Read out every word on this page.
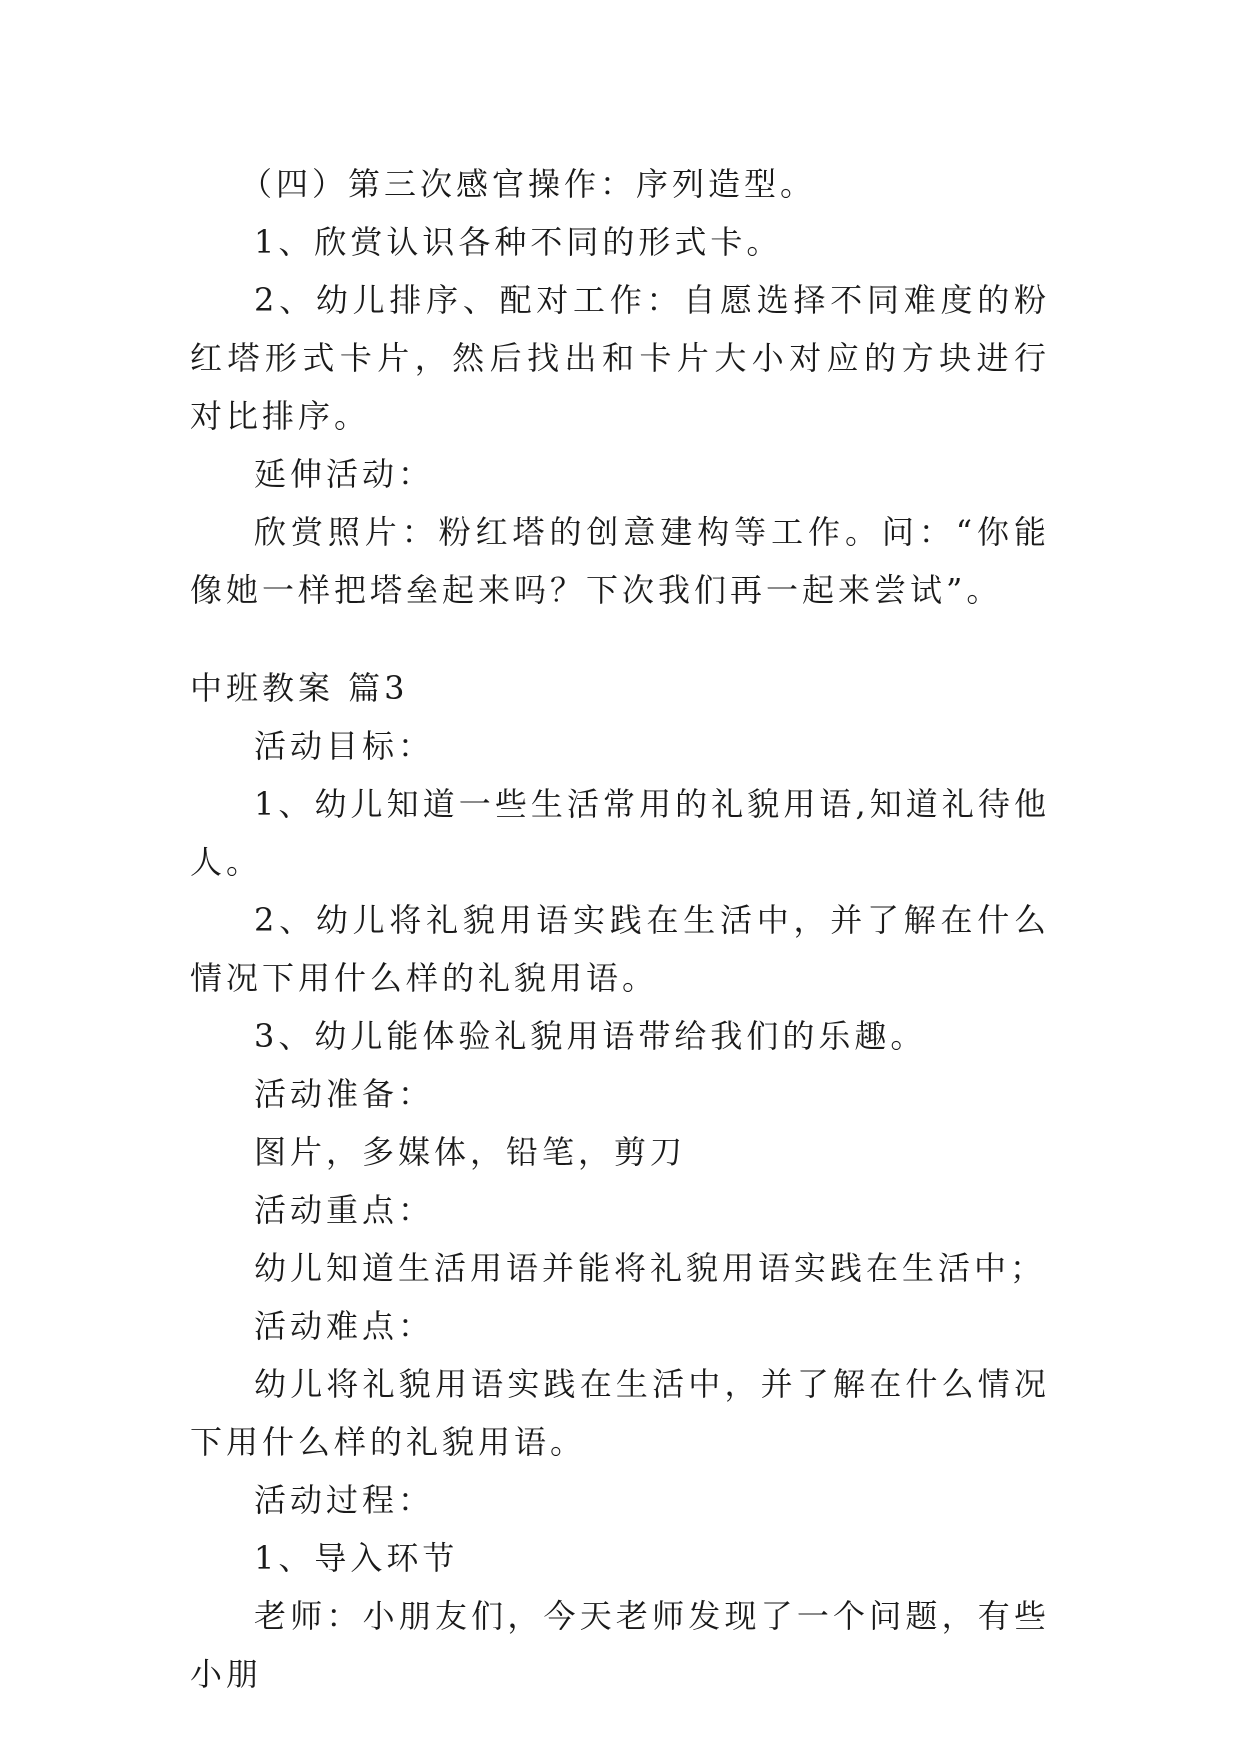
（四）第三次感官操作：序列造型。

1、欣赏认识各种不同的形式卡。

2、幼儿排序、配对工作：自愿选择不同难度的粉红塔形式卡片，然后找出和卡片大小对应的方块进行对比排序。

延伸活动：

欣赏照片：粉红塔的创意建构等工作。问：“你能像她一样把塔垒起来吗？下次我们再一起来尝试”。

中班教案 篇3

活动目标：

1、幼儿知道一些生活常用的礼貌用语,知道礼待他人。

2、幼儿将礼貌用语实践在生活中，并了解在什么情况下用什么样的礼貌用语。

3、幼儿能体验礼貌用语带给我们的乐趣。

活动准备：

图片，多媒体，铅笔，剪刀

活动重点：

幼儿知道生活用语并能将礼貌用语实践在生活中；

活动难点：

幼儿将礼貌用语实践在生活中，并了解在什么情况下用什么样的礼貌用语。

活动过程：

1、导入环节

老师：小朋友们，今天老师发现了一个问题，有些小朋
